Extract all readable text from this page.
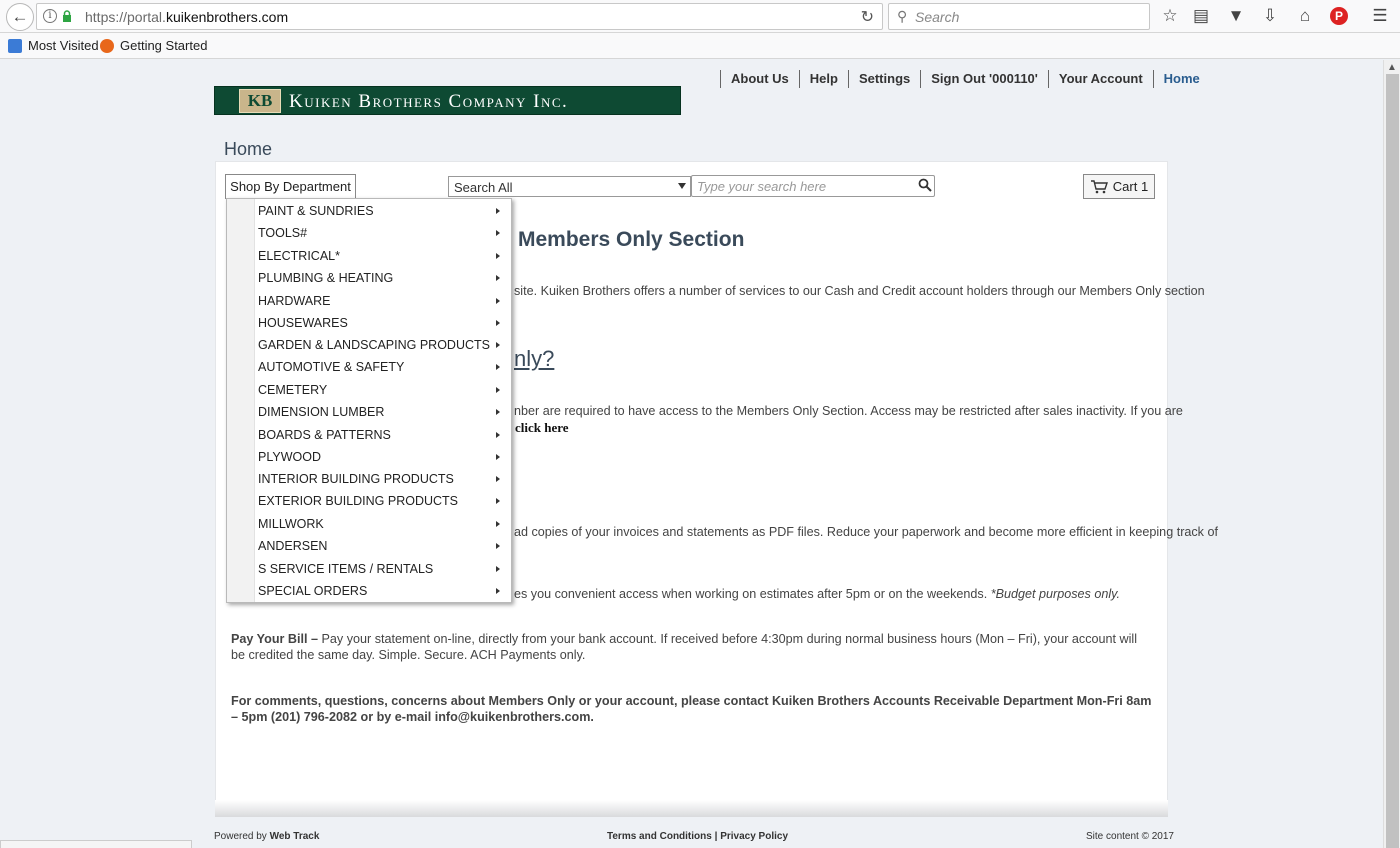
←	i	https://portal.kuikenbrothers.com	↻ ⚲ Search	☆ ▤ ▼ ⇩	⌂	P ☰
Most Visited Getting Started
▲
KB Kuiken Brothers Company Inc.
About Us	Help	Settings	Sign Out '000110'	Your Account	Home
Home
Shop By Department	Search All	Type your search here	Cart 1
Members Only Section
site. Kuiken Brothers offers a number of services to our Cash and Credit account holders through our Members Only section
nly?
nber are required to have access to the Members Only Section. Access may be restricted after sales inactivity. If you are
click here
ad copies of your invoices and statements as PDF files. Reduce your paperwork and become more efficient in keeping track of
es you convenient access when working on estimates after 5pm or on the weekends. *Budget purposes only.
Pay Your Bill – Pay your statement on-line, directly from your bank account. If received before 4:30pm during normal business hours (Mon – Fri), your account will be credited the same day. Simple. Secure. ACH Payments only.
For comments, questions, concerns about Members Only or your account, please contact Kuiken Brothers Accounts Receivable Department Mon-Fri 8am – 5pm (201) 796-2082 or by e-mail info@kuikenbrothers.com.
PAINT & SUNDRIES
TOOLS#
ELECTRICAL*
PLUMBING & HEATING
HARDWARE
HOUSEWARES
GARDEN & LANDSCAPING PRODUCTS
AUTOMOTIVE & SAFETY
CEMETERY
DIMENSION LUMBER
BOARDS & PATTERNS
PLYWOOD
INTERIOR BUILDING PRODUCTS
EXTERIOR BUILDING PRODUCTS
MILLWORK
ANDERSEN
S SERVICE ITEMS / RENTALS
SPECIAL ORDERS
Powered by Web Track	Terms and Conditions | Privacy Policy	Site content © 2017
